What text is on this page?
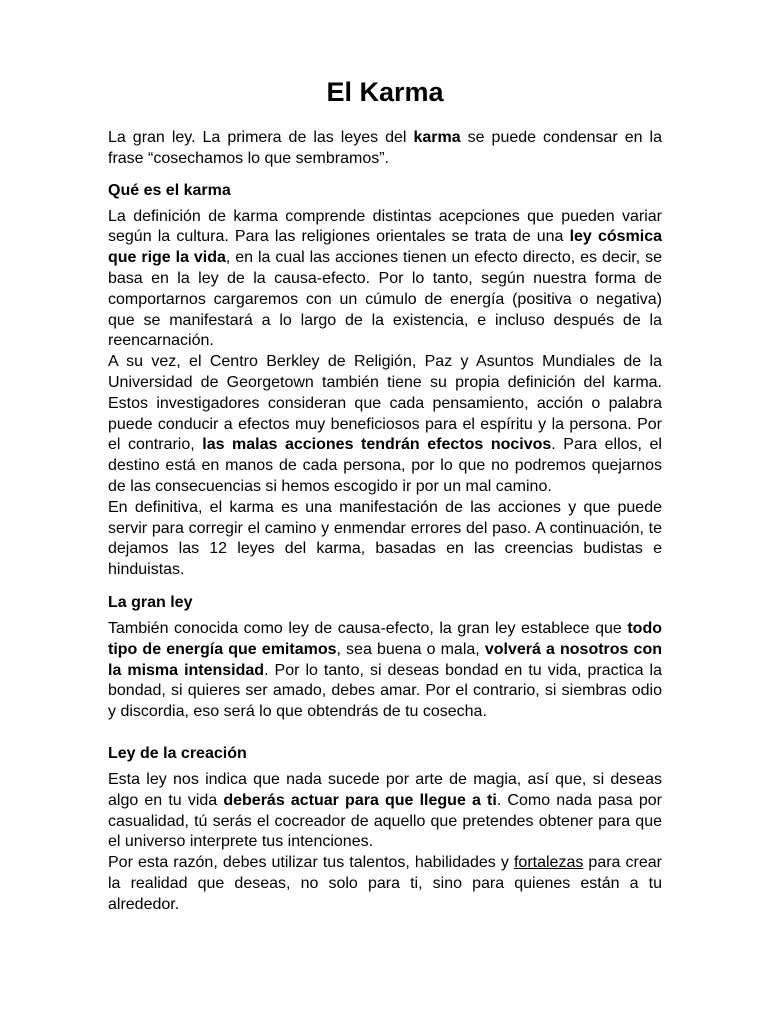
El Karma

La gran ley. La primera de las leyes del karma se puede condensar en la frase “cosechamos lo que sembramos”.

Qué es el karma

La definición de karma comprende distintas acepciones que pueden variar según la cultura. Para las religiones orientales se trata de una ley cósmica que rige la vida, en la cual las acciones tienen un efecto directo, es decir, se basa en la ley de la causa-efecto. Por lo tanto, según nuestra forma de comportarnos cargaremos con un cúmulo de energía (positiva o negativa) que se manifestará a lo largo de la existencia, e incluso después de la reencarnación.

A su vez, el Centro Berkley de Religión, Paz y Asuntos Mundiales de la Universidad de Georgetown también tiene su propia definición del karma. Estos investigadores consideran que cada pensamiento, acción o palabra puede conducir a efectos muy beneficiosos para el espíritu y la persona. Por el contrario, las malas acciones tendrán efectos nocivos. Para ellos, el destino está en manos de cada persona, por lo que no podremos quejarnos de las consecuencias si hemos escogido ir por un mal camino.

En definitiva, el karma es una manifestación de las acciones y que puede servir para corregir el camino y enmendar errores del paso. A continuación, te dejamos las 12 leyes del karma, basadas en las creencias budistas e hinduistas.

La gran ley

También conocida como ley de causa-efecto, la gran ley establece que todo tipo de energía que emitamos, sea buena o mala, volverá a nosotros con la misma intensidad. Por lo tanto, si deseas bondad en tu vida, practica la bondad, si quieres ser amado, debes amar. Por el contrario, si siembras odio y discordia, eso será lo que obtendrás de tu cosecha.

Ley de la creación

Esta ley nos indica que nada sucede por arte de magia, así que, si deseas algo en tu vida deberás actuar para que llegue a ti. Como nada pasa por casualidad, tú serás el cocreador de aquello que pretendes obtener para que el universo interprete tus intenciones.

Por esta razón, debes utilizar tus talentos, habilidades y fortalezas para crear la realidad que deseas, no solo para ti, sino para quienes están a tu alrededor.
